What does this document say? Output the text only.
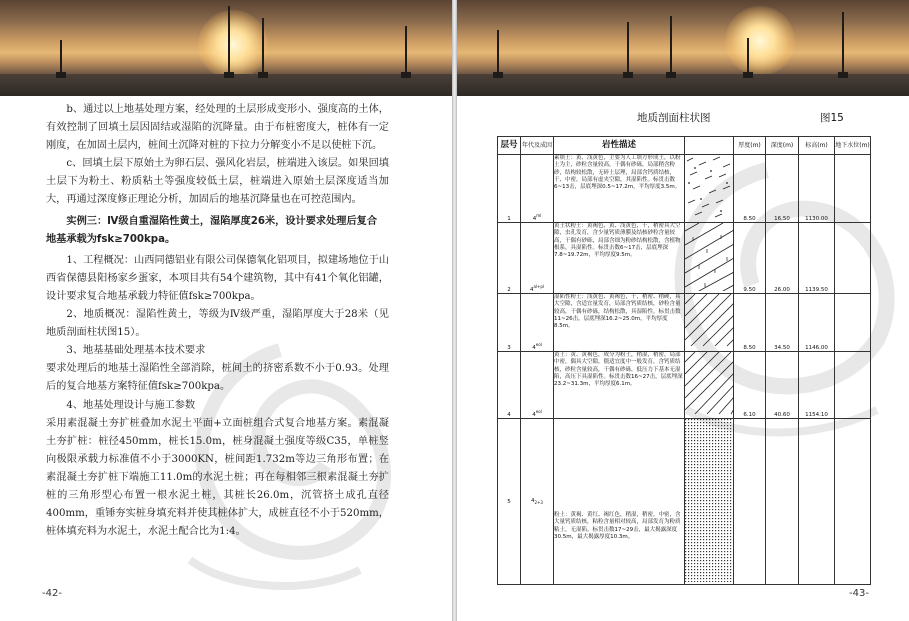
b、通过以上地基处理方案，经处理的土层形成变形小、强度高的土体，有效控制了回填土层因固结或湿陷的沉降量。由于布桩密度大，桩体有一定刚度，在加固土层内，桩间土沉降对桩的下拉力分解变小不足以使桩下沉。

c、回填土层下原始土为卵石层、强风化岩层，桩端进入该层。如果回填土层下为粉土、粉质粘土等强度较低土层，桩端进入原始土层深度适当加大，再通过深度修正理论分析，加固后的地基沉降量也在可控范围内。

实例三：Ⅳ级自重湿陷性黄土，湿陷厚度26米，设计要求处理后复合

地基承载为fsk≥700kpa。

1、工程概况：山西同德铝业有限公司保德氧化铝项目，拟建场地位于山西省保德县阳杨家乡蛋家，本项目共有54个建筑物，其中有41个氧化铝罐，设计要求复合地基承载力特征值fsk≥700kpa。

2、地质概况：湿陷性黄土，等级为Ⅳ级严重，湿陷厚度大于28米（见地质剖面柱状图15）。

3、地基基础处理基本技术要求

要求处理后的地基土湿陷性全部消除，桩间土的挤密系数不小于0.93。处理后的复合地基方案特征值fsk≥700kpa。

4、地基处理设计与施工参数

采用素混凝土夯扩桩叠加水泥土平面+立面桩组合式复合地基方案。素混凝土夯扩桩：桩径450mm，桩长15.0m，桩身混凝土强度等级C35，单桩竖向极限承载力标准值不小于3000KN，桩间距1.732m等边三角形布置；在素混凝土夯扩桩下端施工11.0m的水泥土桩；再在每相邻三根素混凝土夯扩桩的三角形型心布置一根水泥土桩，其桩长26.0m，沉管挤土成孔直径400mm，重锤夯实桩身填充料并使其桩体扩大，成桩直径不小于520mm，桩体填充料为水泥土，水泥土配合比为1:4。

-42-
地质剖面柱状图	图15
层号	年代及成因	岩性描述		厚度(m)	深度(m)	标高(m)	地下水位(m)
1	$4^{ml}$	素填土：黄、浅黄色，主要为人工填方形成土，以粉土为主，砂粒含量较高，干偶有砂砾，局部稍含粉砂，结构较松散，无碎土层理，局部含钙质结核，干、中密，局部有虚夹空隙，其湿陷性。标贯击数6~13击，层底埋深0.5~17.2m，平均厚度3.5m。		8.50	16.50	1130.00	
2	$4^{al+pl}$	黄土状粉土：黄褐色、黄、浅黄色，干，稍密具大空隙，虫孔发育，含少量钙质薄膜及结核砂粒含量较高，干偶有砂砾，局部含细为粉砂结构松散，含植物根系，具湿陷性。标贯击数6~17击，层底埋深7.8~19.72m，平均厚度9.5m。		9.50	26.00	1139.50	
3	$4^{eol}$	湿陷性粉土：浅黄色、黄褐色，干，稍密、稍硬，具大空隙，含适宜量发育，局部含钙质结核，砂粒含量较高，干偶有砂砾，结构松散，具湿陷性。标贯击数11~26击，层底埋深16.2~25.0m，平均厚度8.5m。		8.50	34.50	1146.00	
4	$4^{eol}$	黄土：黄、黄褐色，成分为粉土，稍湿，稍密，局部中密，偶具大空隙，僵适宜度中一般发育，含钙质结核，砂粒含量较高，干偶有砂砾，低压力下基本无湿陷，高压下具湿陷性。标贯击数16~27击，层底埋深23.2~31.3m，平均厚度6.1m。		6.10	40.60	1154.10	
5	$4_{2+3}$	粉土：黄褐、黄红、褐红色，稍湿，稍密，中密，含大量钙质结核，粘粒含量相对较高，局部发育为粉质粘土，无湿陷。标贯击数17~29击，最大揭露深度30.5m，最大揭露厚度10.3m。					
-43-
